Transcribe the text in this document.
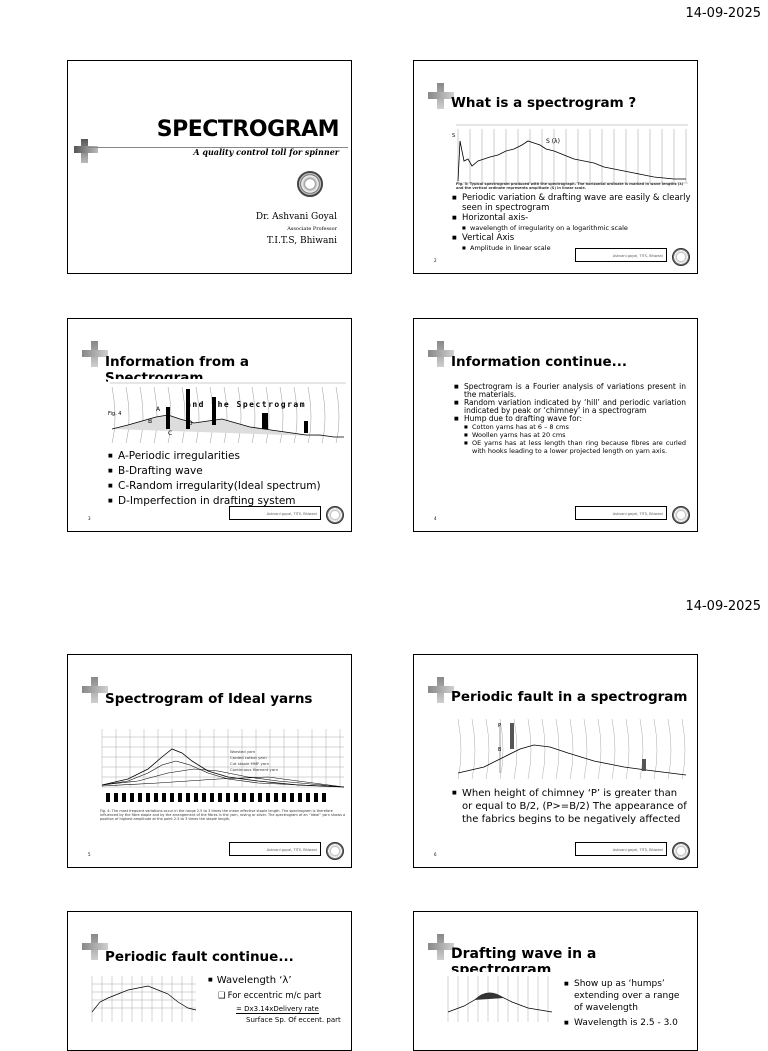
14-09-2025
SPECTROGRAM
A quality control toll for spinner
Dr. Ashvani Goyal
Associate Professor
T.I.T.S, Bhiwani
What is a spectrogram ?
S (λ)
S
Fig. 3: Typical spectrogram produced with the spectrograph. The horizontal ordinate is marked in wave lengths (λ) and the vertical ordinate represents amplitude (S) in linear scale.
■ Periodic variation & drafting wave are easily & clearly seen in spectrogram
■ Horizontal axis-
■ wavelength of irregularity on a logarithmic scale
■ Vertical Axis
■ Amplitude in linear scale
2
Ashvani goyal, TITS, Bhiwani
Information from a Spectrogram
and the Spectrogram
A
B
C
D
Fig. 4
■ A-Periodic irregularities
■ B-Drafting wave
■ C-Random irregularity(Ideal spectrum)
■ D-Imperfection in drafting system
3
Ashvani goyal, TITS, Bhiwani
Information continue...
■ Spectrogram is a Fourier analysis of variations present in the materials.
■ Random variation indicated by ‘hill’ and periodic variation indicated by peak or ‘chimney’ in a spectrogram
■ Hump due to drafting wave for:
■ Cotton yarns has at 6 – 8 cms
■ Woollen yarns has at 20 cms
■ OE yarns has at less length than ring because fibres are curled with hooks leading to a lower projected length on yarn axis.
4
Ashvani goyal, TITS, Bhiwani
14-09-2025
Spectrogram of Ideal yarns
Worsted yarn
Carded cotton yarn
Cut staple MMF yarn
Continuous filament yarn
Fig. 4: The most frequent variations occur in the range 2.5 to 3 times the mean effective staple length. The spectrogram is therefore influenced by the fibre staple and by the arrangement of the fibres in the yarn, roving or sliver. The spectrogram of an “ideal” yarn shows a position of highest amplitude at the point 2.5 to 3 times the staple length.
5
Ashvani goyal, TITS, Bhiwani
Periodic fault in a spectrogram
P
B
■ When height of chimney ‘P’ is greater than or equal to B/2, (P>=B/2) The appearance of the fabrics begins to be negatively affected
6
Ashvani goyal, TITS, Bhiwani
Periodic fault continue...
■ Wavelength ‘λ’
❑ For eccentric m/c part
= Dx3.14xDelivery rate
Surface Sp. Of eccent. part
Drafting wave in a spectrogram
■ Show up as ‘humps’ extending over a range of wavelength
■ Wavelength is 2.5 - 3.0
